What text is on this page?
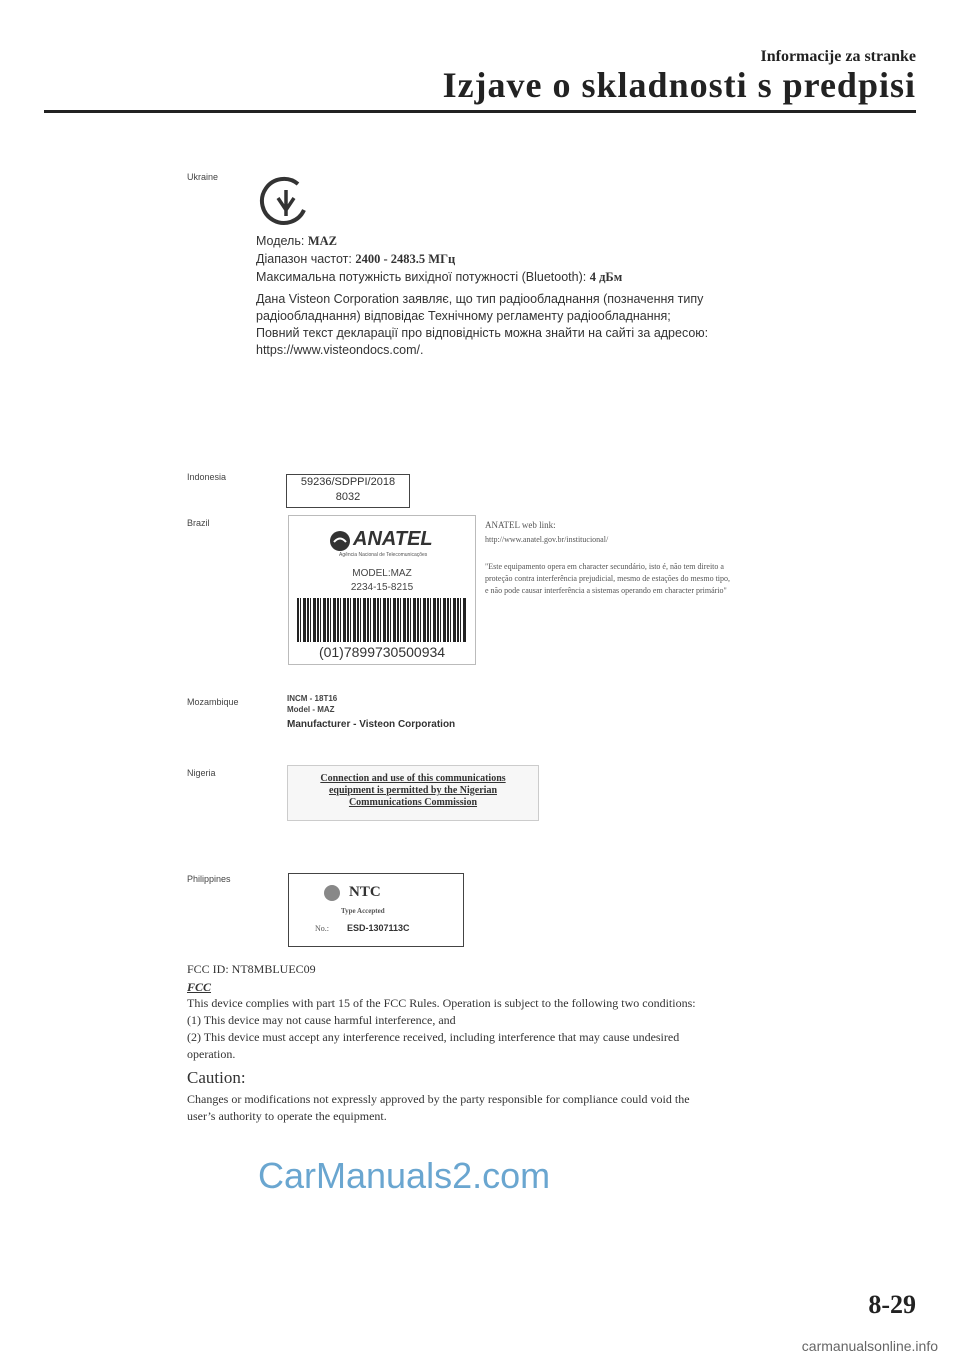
Informacije za stranke
Izjave o skladnosti s predpisi
Ukraine
Модель: MAZ
Діапазон частот: 2400 - 2483.5 МГц
Максимальна потужність вихідної потужності (Bluetooth): 4 дБм
Дана Visteon Corporation заявляє, що тип радіообладнання (позначення типу
радіообладнання) відповідає Технічному регламенту радіообладнання;
Повний текст декларації про відповідність можна знайти на сайті за адресою:
https://www.visteondocs.com/.
Indonesia	59236/SDPPI/2018
8032
Brazil
ANATEL
Agência Nacional de Telecomunicações
MODEL:MAZ
2234-15-8215
(01)7899730500934
ANATEL web link:
http://www.anatel.gov.br/institucional/
"Este equipamento opera em character secundário, isto é, não tem direito a
proteção contra interferência prejudicial, mesmo de estações do mesmo tipo,
e não pode causar interferência a sistemas operando em character primário"
Mozambique	INCM - 18T16
Model - MAZ
Manufacturer - Visteon Corporation
Nigeria	Connection and use of this communications
equipment is permitted by the Nigerian
Communications Commission
Philippines
NTC
Type Accepted
No.: ESD-1307113C
FCC ID: NT8MBLUEC09
FCC
This device complies with part 15 of the FCC Rules. Operation is subject to the following two conditions:
(1) This device may not cause harmful interference, and
(2) This device must accept any interference received, including interference that may cause undesired
operation.
Caution:
Changes or modifications not expressly approved by the party responsible for compliance could void the
user’s authority to operate the equipment.
CarManuals2.com
8-29
carmanualsonline.info
